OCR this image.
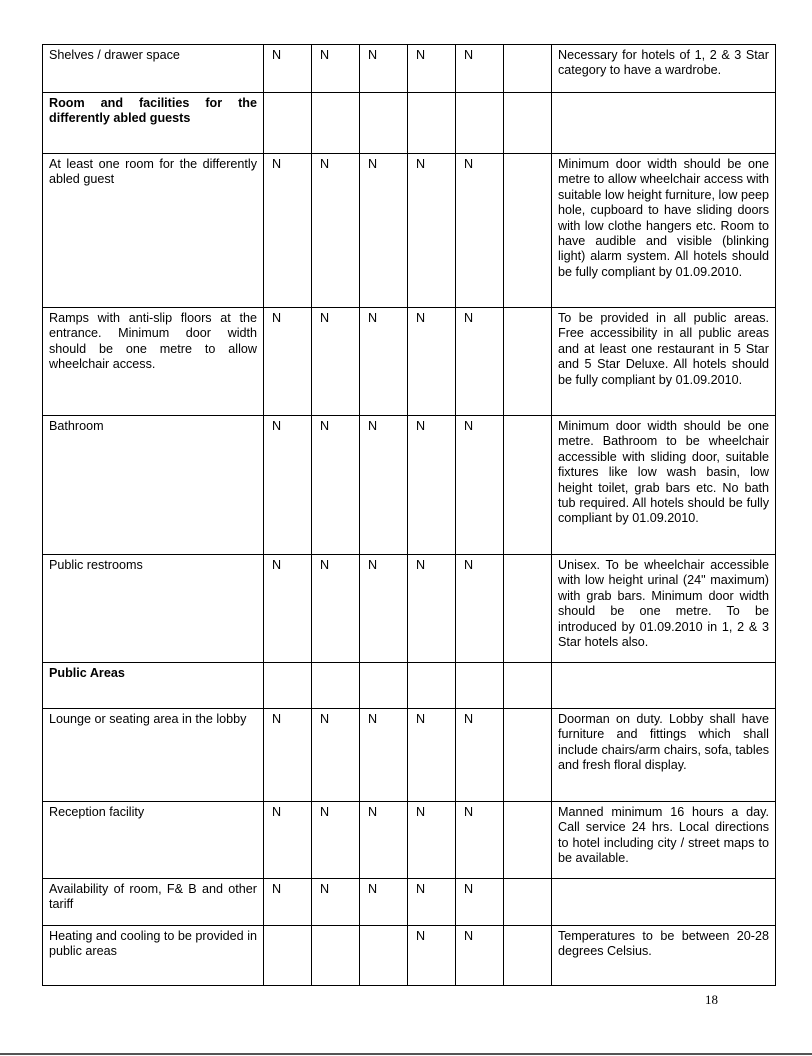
Shelves / drawer space	N	N	N	N	N		Necessary for hotels of 1, 2 & 3 Star category to have a wardrobe.
Room and facilities for the differently abled guests							
At least one room for the differently abled guest	N	N	N	N	N		Minimum door width should be one metre to allow wheelchair access with suitable low height furniture, low peep hole, cupboard to have sliding doors with low clothe hangers etc. Room to have audible and visible (blinking light) alarm system. All hotels should be fully compliant by 01.09.2010.
Ramps with anti-slip floors at the entrance. Minimum door width should be one metre to allow wheelchair access.	N	N	N	N	N		To be provided in all public areas. Free accessibility in all public areas and at least one restaurant in 5 Star and 5 Star Deluxe. All hotels should be fully compliant by 01.09.2010.
Bathroom	N	N	N	N	N		Minimum door width should be one metre. Bathroom to be wheelchair accessible with sliding door, suitable fixtures like low wash basin, low height toilet, grab bars etc. No bath tub required. All hotels should be fully compliant by 01.09.2010.
Public restrooms	N	N	N	N	N		Unisex. To be wheelchair accessible with low height urinal (24" maximum) with grab bars. Minimum door width should be one metre. To be introduced by 01.09.2010 in 1, 2 & 3 Star hotels also.
Public Areas							
Lounge or seating area in the lobby	N	N	N	N	N		Doorman on duty. Lobby shall have furniture and fittings which shall include chairs/arm chairs, sofa, tables and fresh floral display.
Reception facility	N	N	N	N	N		Manned minimum 16 hours a day. Call service 24 hrs. Local directions to hotel including city / street maps to be available.
Availability of room, F& B and other tariff	N	N	N	N	N		
Heating and cooling to be provided in public areas				N	N		Temperatures to be between 20-28 degrees Celsius.
18
